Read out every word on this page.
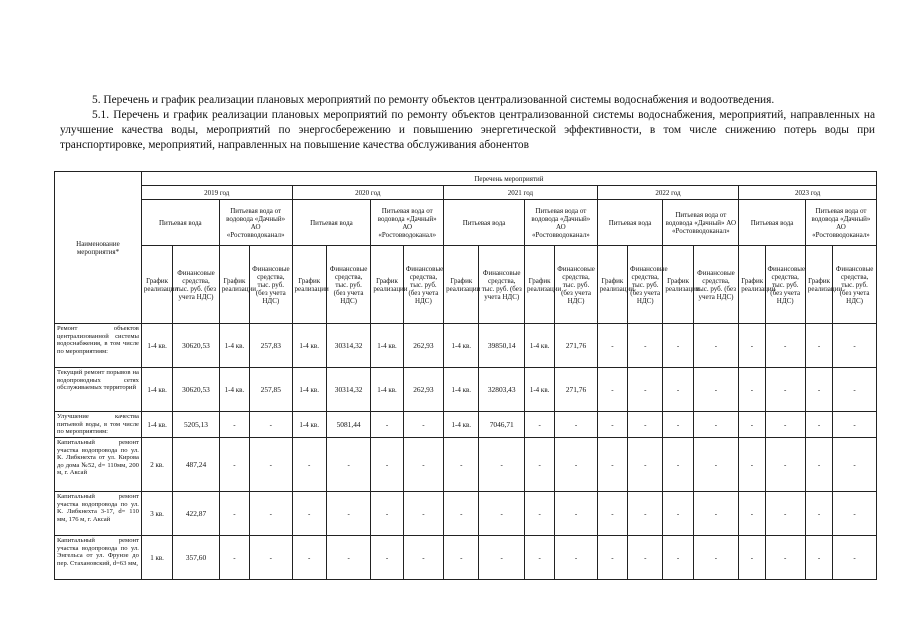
5. Перечень и график реализации плановых мероприятий по ремонту объектов централизованной системы водоснабжения и водоотведения.
5.1. Перечень и график реализации плановых мероприятий по ремонту объектов централизованной системы водоснабжения, мероприятий, направленных на улучшение качества воды, мероприятий по энергосбережению и повышению энергетической эффективности, в том числе снижению потерь воды при транспортировке, мероприятий, направленных на повышение качества обслуживания абонентов
Наименование мероприятия*	Перечень мероприятий																			
	2019 год				2020 год				2021 год				2022 год				2023 год			
	Питьевая вода		Питьевая вода от водовода «Дачный» АО «Ростовводоканал»		Питьевая вода		Питьевая вода от водовода «Дачный» АО «Ростовводоканал»		Питьевая вода		Питьевая вода от водовода «Дачный» АО «Ростовводоканал»		Питьевая вода		Питьевая вода от водовода «Дачный» АО «Ростовводоканал»		Питьевая вода		Питьевая вода от водовода «Дачный» АО «Ростовводоканал»	
	График реализации	Финансовые средства, тыс. руб. (без учета НДС)	График реализации	Финансовые средства, тыс. руб. (без учета НДС)	График реализации	Финансовые средства, тыс. руб. (без учета НДС)	График реализации	Финансовые средства, тыс. руб. (без учета НДС)	График реализации	Финансовые средства, тыс. руб. (без учета НДС)	График реализации	Финансовые средства, тыс. руб. (без учета НДС)	График реализации	Финансовые средства, тыс. руб. (без учета НДС)	График реализации	Финансовые средства, тыс. руб. (без учета НДС)	График реализации	Финансовые средства, тыс. руб. (без учета НДС)	График реализации	Финансовые средства, тыс. руб. (без учета НДС)
Ремонт объектов централизованной системы водоснабжения, в том числе по мероприятиям:	1-4 кв.	30620,53	1-4 кв.	257,83	1-4 кв.	30314,32	1-4 кв.	262,93	1-4 кв.	39850,14	1-4 кв.	271,76	-	-	-	-	-	-	-	-
Текущий ремонт порывов на водопроводных сетях обслуживаемых территорий	1-4 кв.	30620,53	1-4 кв.	257,85	1-4 кв.	30314,32	1-4 кв.	262,93	1-4 кв.	32803,43	1-4 кв.	271,76	-	-	-	-	-	-	-	-
Улучшение качества питьевой воды, в том числе по мероприятиям:	1-4 кв.	5205,13	-	-	1-4 кв.	5081,44	-	-	1-4 кв.	7046,71	-	-	-	-	-	-	-	-	-	-
Капитальный ремонт участка водопровода по ул. К. Либкнехта от ул. Кирова до дома №52, d= 110мм, 200 м, г. Аксай	2 кв.	487,24	-	-	-	-	-	-	-	-	-	-	-	-	-	-	-	-	-	-
Капитальный ремонт участка водопровода по ул. К. Либкнехта 3-17, d= 110 мм, 176 м, г. Аксай	3 кв.	422,87	-	-	-	-	-	-	-	-	-	-	-	-	-	-	-	-	-	-
Капитальный ремонт участка водопровода по ул. Энгельса от ул. Фрунзе до пер. Стахановский, d=63 мм,	1 кв.	357,60	-	-	-	-	-	-	-	-	-	-	-	-	-	-	-	-	-	-
